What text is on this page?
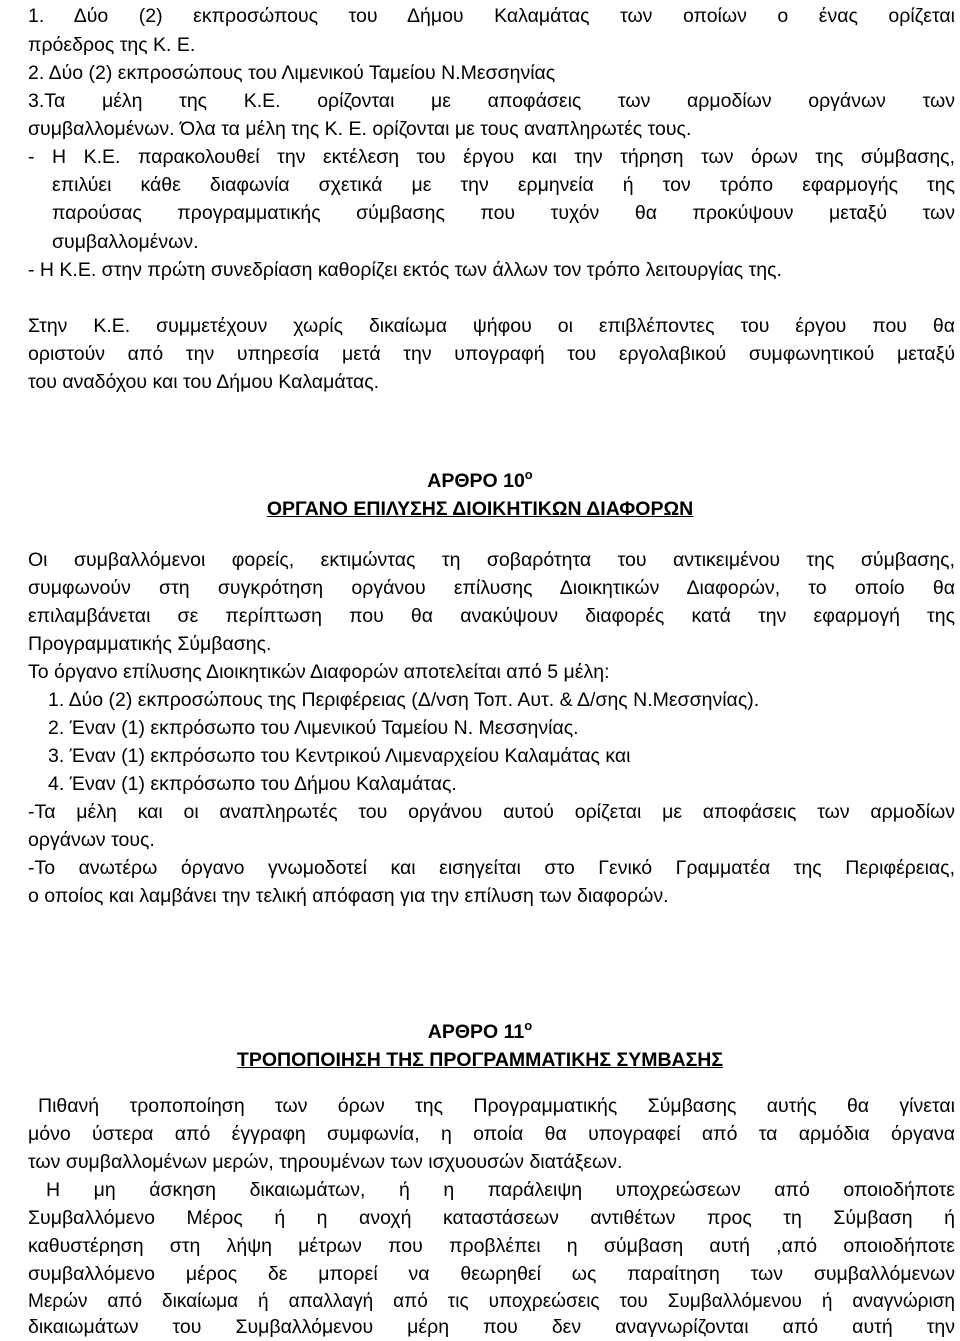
1. Δύο (2) εκπροσώπους του Δήμου Καλαμάτας των οποίων ο ένας ορίζεται
πρόεδρος της Κ. Ε.
2. Δύο (2) εκπροσώπους του Λιμενικού Ταμείου Ν.Μεσσηνίας
3.Τα μέλη της Κ.Ε. ορίζονται με αποφάσεις των αρμοδίων οργάνων των
συμβαλλομένων. Όλα τα μέλη της Κ. Ε. ορίζονται με τους αναπληρωτές τους.
- Η Κ.Ε. παρακολουθεί την εκτέλεση του έργου και την τήρηση των όρων της σύμβασης,
επιλύει κάθε διαφωνία σχετικά με την ερμηνεία ή τον τρόπο εφαρμογής της
παρούσας προγραμματικής σύμβασης που τυχόν θα προκύψουν μεταξύ των
συμβαλλομένων.
- Η Κ.Ε. στην πρώτη συνεδρίαση καθορίζει εκτός των άλλων τον τρόπο λειτουργίας της.
Στην Κ.Ε. συμμετέχουν χωρίς δικαίωμα ψήφου οι επιβλέποντες του έργου που θα
οριστούν από την υπηρεσία μετά την υπογραφή του εργολαβικού συμφωνητικού μεταξύ
του αναδόχου και του Δήμου Καλαμάτας.
ΑΡΘΡΟ $10^o$
ΟΡΓΑΝΟ ΕΠΙΛΥΣΗΣ ΔΙΟΙΚΗΤΙΚΩΝ ΔΙΑΦΟΡΩΝ
Οι συμβαλλόμενοι φορείς, εκτιμώντας τη σοβαρότητα του αντικειμένου της σύμβασης,
συμφωνούν στη συγκρότηση οργάνου επίλυσης Διοικητικών Διαφορών, το οποίο θα
επιλαμβάνεται σε περίπτωση που θα ανακύψουν διαφορές κατά την εφαρμογή της
Προγραμματικής Σύμβασης.
Το όργανο επίλυσης Διοικητικών Διαφορών αποτελείται από 5 μέλη:
1. Δύο (2) εκπροσώπους της Περιφέρειας (Δ/νση Τοπ. Αυτ. & Δ/σης Ν.Μεσσηνίας).
2. Έναν (1) εκπρόσωπο του Λιμενικού Ταμείου Ν. Μεσσηνίας.
3. Έναν (1) εκπρόσωπο του Κεντρικού Λιμεναρχείου Καλαμάτας και
4. Έναν (1) εκπρόσωπο του Δήμου Καλαμάτας.
-Τα μέλη και οι αναπληρωτές του οργάνου αυτού ορίζεται με αποφάσεις των αρμοδίων
οργάνων τους.
-Το ανωτέρω όργανο γνωμοδοτεί και εισηγείται στο Γενικό Γραμματέα της Περιφέρειας,
ο οποίος και λαμβάνει την τελική απόφαση για την επίλυση των διαφορών.
ΑΡΘΡΟ $11^o$
ΤΡΟΠΟΠΟΙΗΣΗ ΤΗΣ ΠΡΟΓΡΑΜΜΑΤΙΚΗΣ ΣΥΜΒΑΣΗΣ
Πιθανή τροποποίηση των όρων της Προγραμματικής Σύμβασης αυτής θα γίνεται
μόνο ύστερα από έγγραφη συμφωνία, η οποία θα υπογραφεί από τα αρμόδια όργανα
των συμβαλλομένων μερών, τηρουμένων των ισχυουσών διατάξεων.
Η μη άσκηση δικαιωμάτων, ή η παράλειψη υποχρεώσεων από οποιοδήποτε
Συμβαλλόμενο Μέρος ή η ανοχή καταστάσεων αντιθέτων προς τη Σύμβαση ή
καθυστέρηση στη λήψη μέτρων που προβλέπει η σύμβαση αυτή ,από οποιοδήποτε
συμβαλλόμενο μέρος δε μπορεί να θεωρηθεί ως παραίτηση των συμβαλλόμενων
Μερών από δικαίωμα ή απαλλαγή από τις υποχρεώσεις του Συμβαλλόμενου ή αναγνώριση
δικαιωμάτων του Συμβαλλόμενου μέρη που δεν αναγνωρίζονται από αυτή την
